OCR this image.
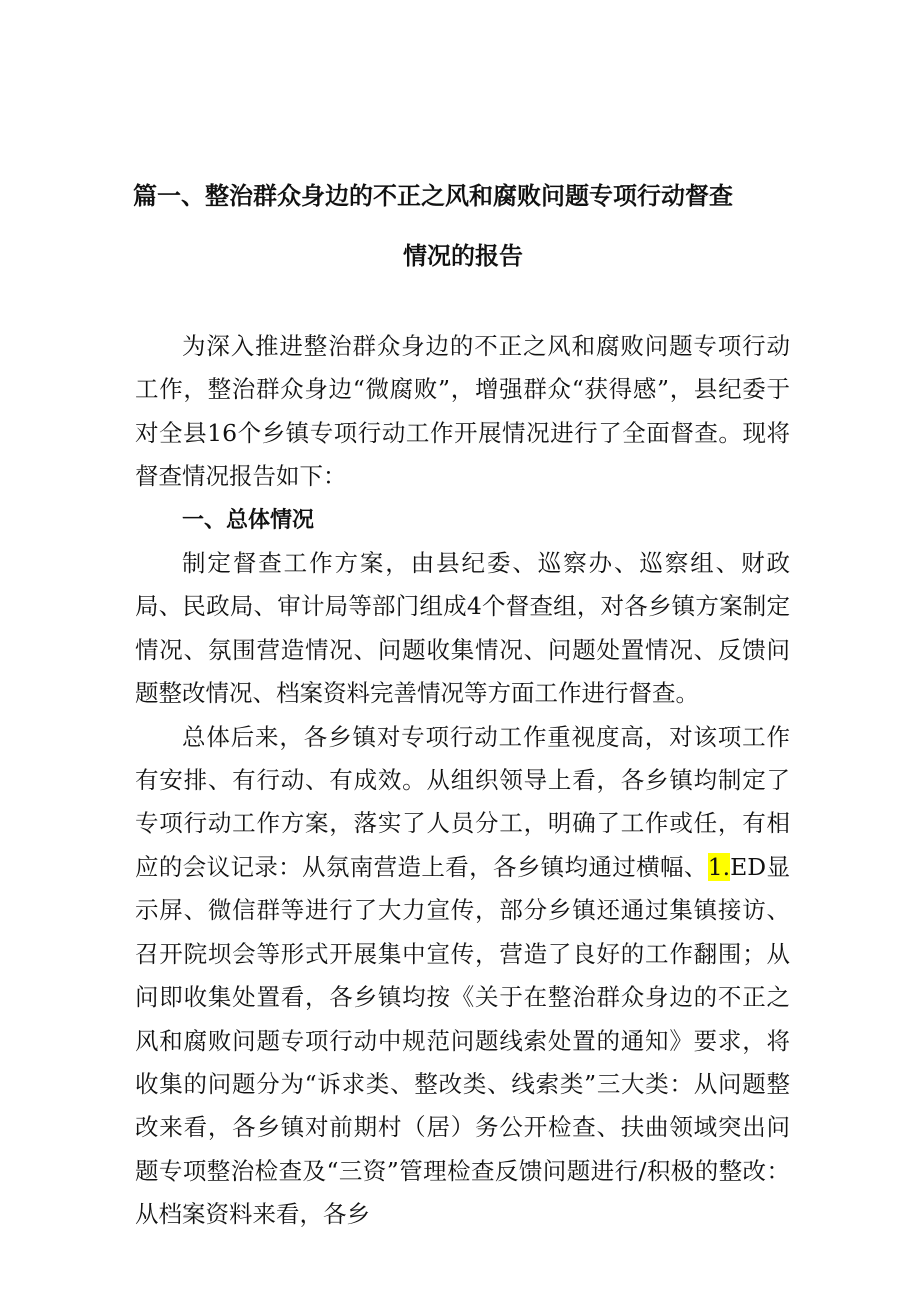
篇一、整治群众身边的不正之风和腐败问题专项行动督查
情况的报告

为深入推进整治群众身边的不正之风和腐败问题专项行动工作，整治群众身边“微腐败”，增强群众“获得感”，县纪委于对全县16个乡镇专项行动工作开展情况进行了全面督查。现将督查情况报告如下：

一、总体情况

制定督查工作方案，由县纪委、巡察办、巡察组、财政局、民政局、审计局等部门组成4个督查组，对各乡镇方案制定情况、氛围营造情况、问题收集情况、问题处置情况、反馈问题整改情况、档案资料完善情况等方面工作进行督查。

总体后来，各乡镇对专项行动工作重视度高，对该项工作有安排、有行动、有成效。从组织领导上看，各乡镇均制定了专项行动工作方案，落实了人员分工，明确了工作或任，有相应的会议记录：从氛南营造上看，各乡镇均通过横幅、1.ED显示屏、微信群等进行了大力宣传，部分乡镇还通过集镇接访、召开院坝会等形式开展集中宣传，营造了良好的工作翻围；从问即收集处置看，各乡镇均按《关于在整治群众身边的不正之风和腐败问题专项行动中规范问题线索处置的通知》要求，将收集的问题分为“诉求类、整改类、线索类”三大类：从问题整改来看，各乡镇对前期村（居）务公开检查、扶曲领域突出问题专项整治检查及“三资”管理检查反馈问题进行/积极的整改：从档案资料来看，各乡
